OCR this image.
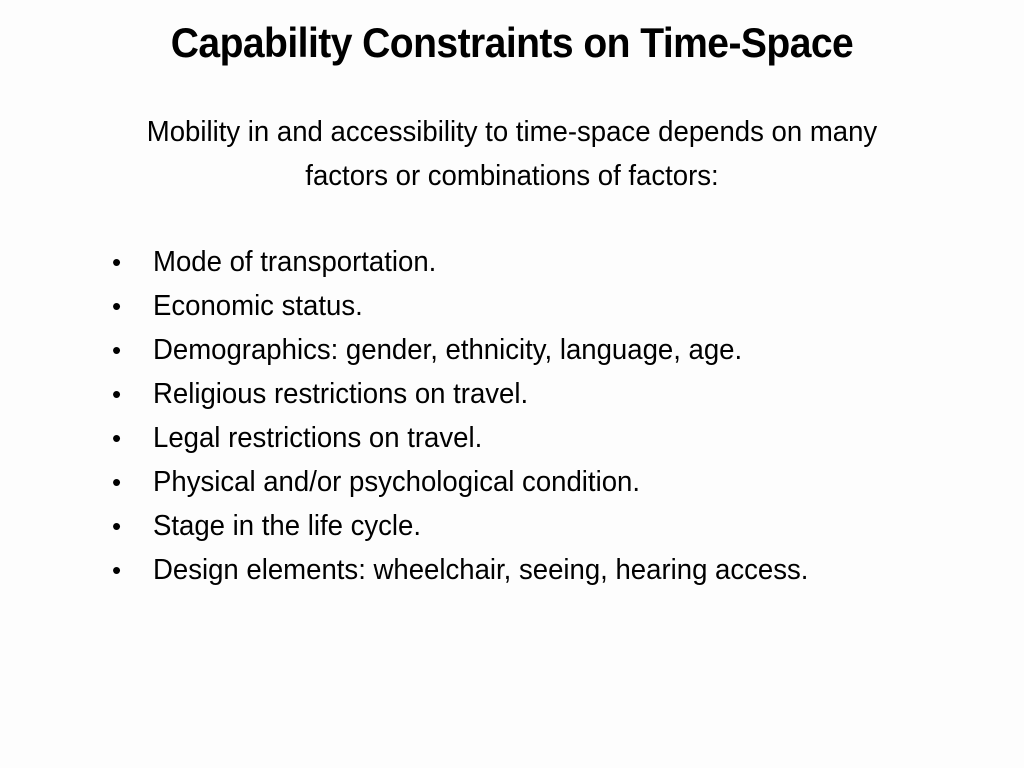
Capability Constraints on Time-Space

Mobility in and accessibility to time-space depends on many factors or combinations of factors:

•	Mode of transportation.
•	Economic status.
•	Demographics: gender, ethnicity, language, age.
•	Religious restrictions on travel.
•	Legal restrictions on travel.
•	Physical and/or psychological condition.
•	Stage in the life cycle.
•	Design elements: wheelchair, seeing, hearing access.
